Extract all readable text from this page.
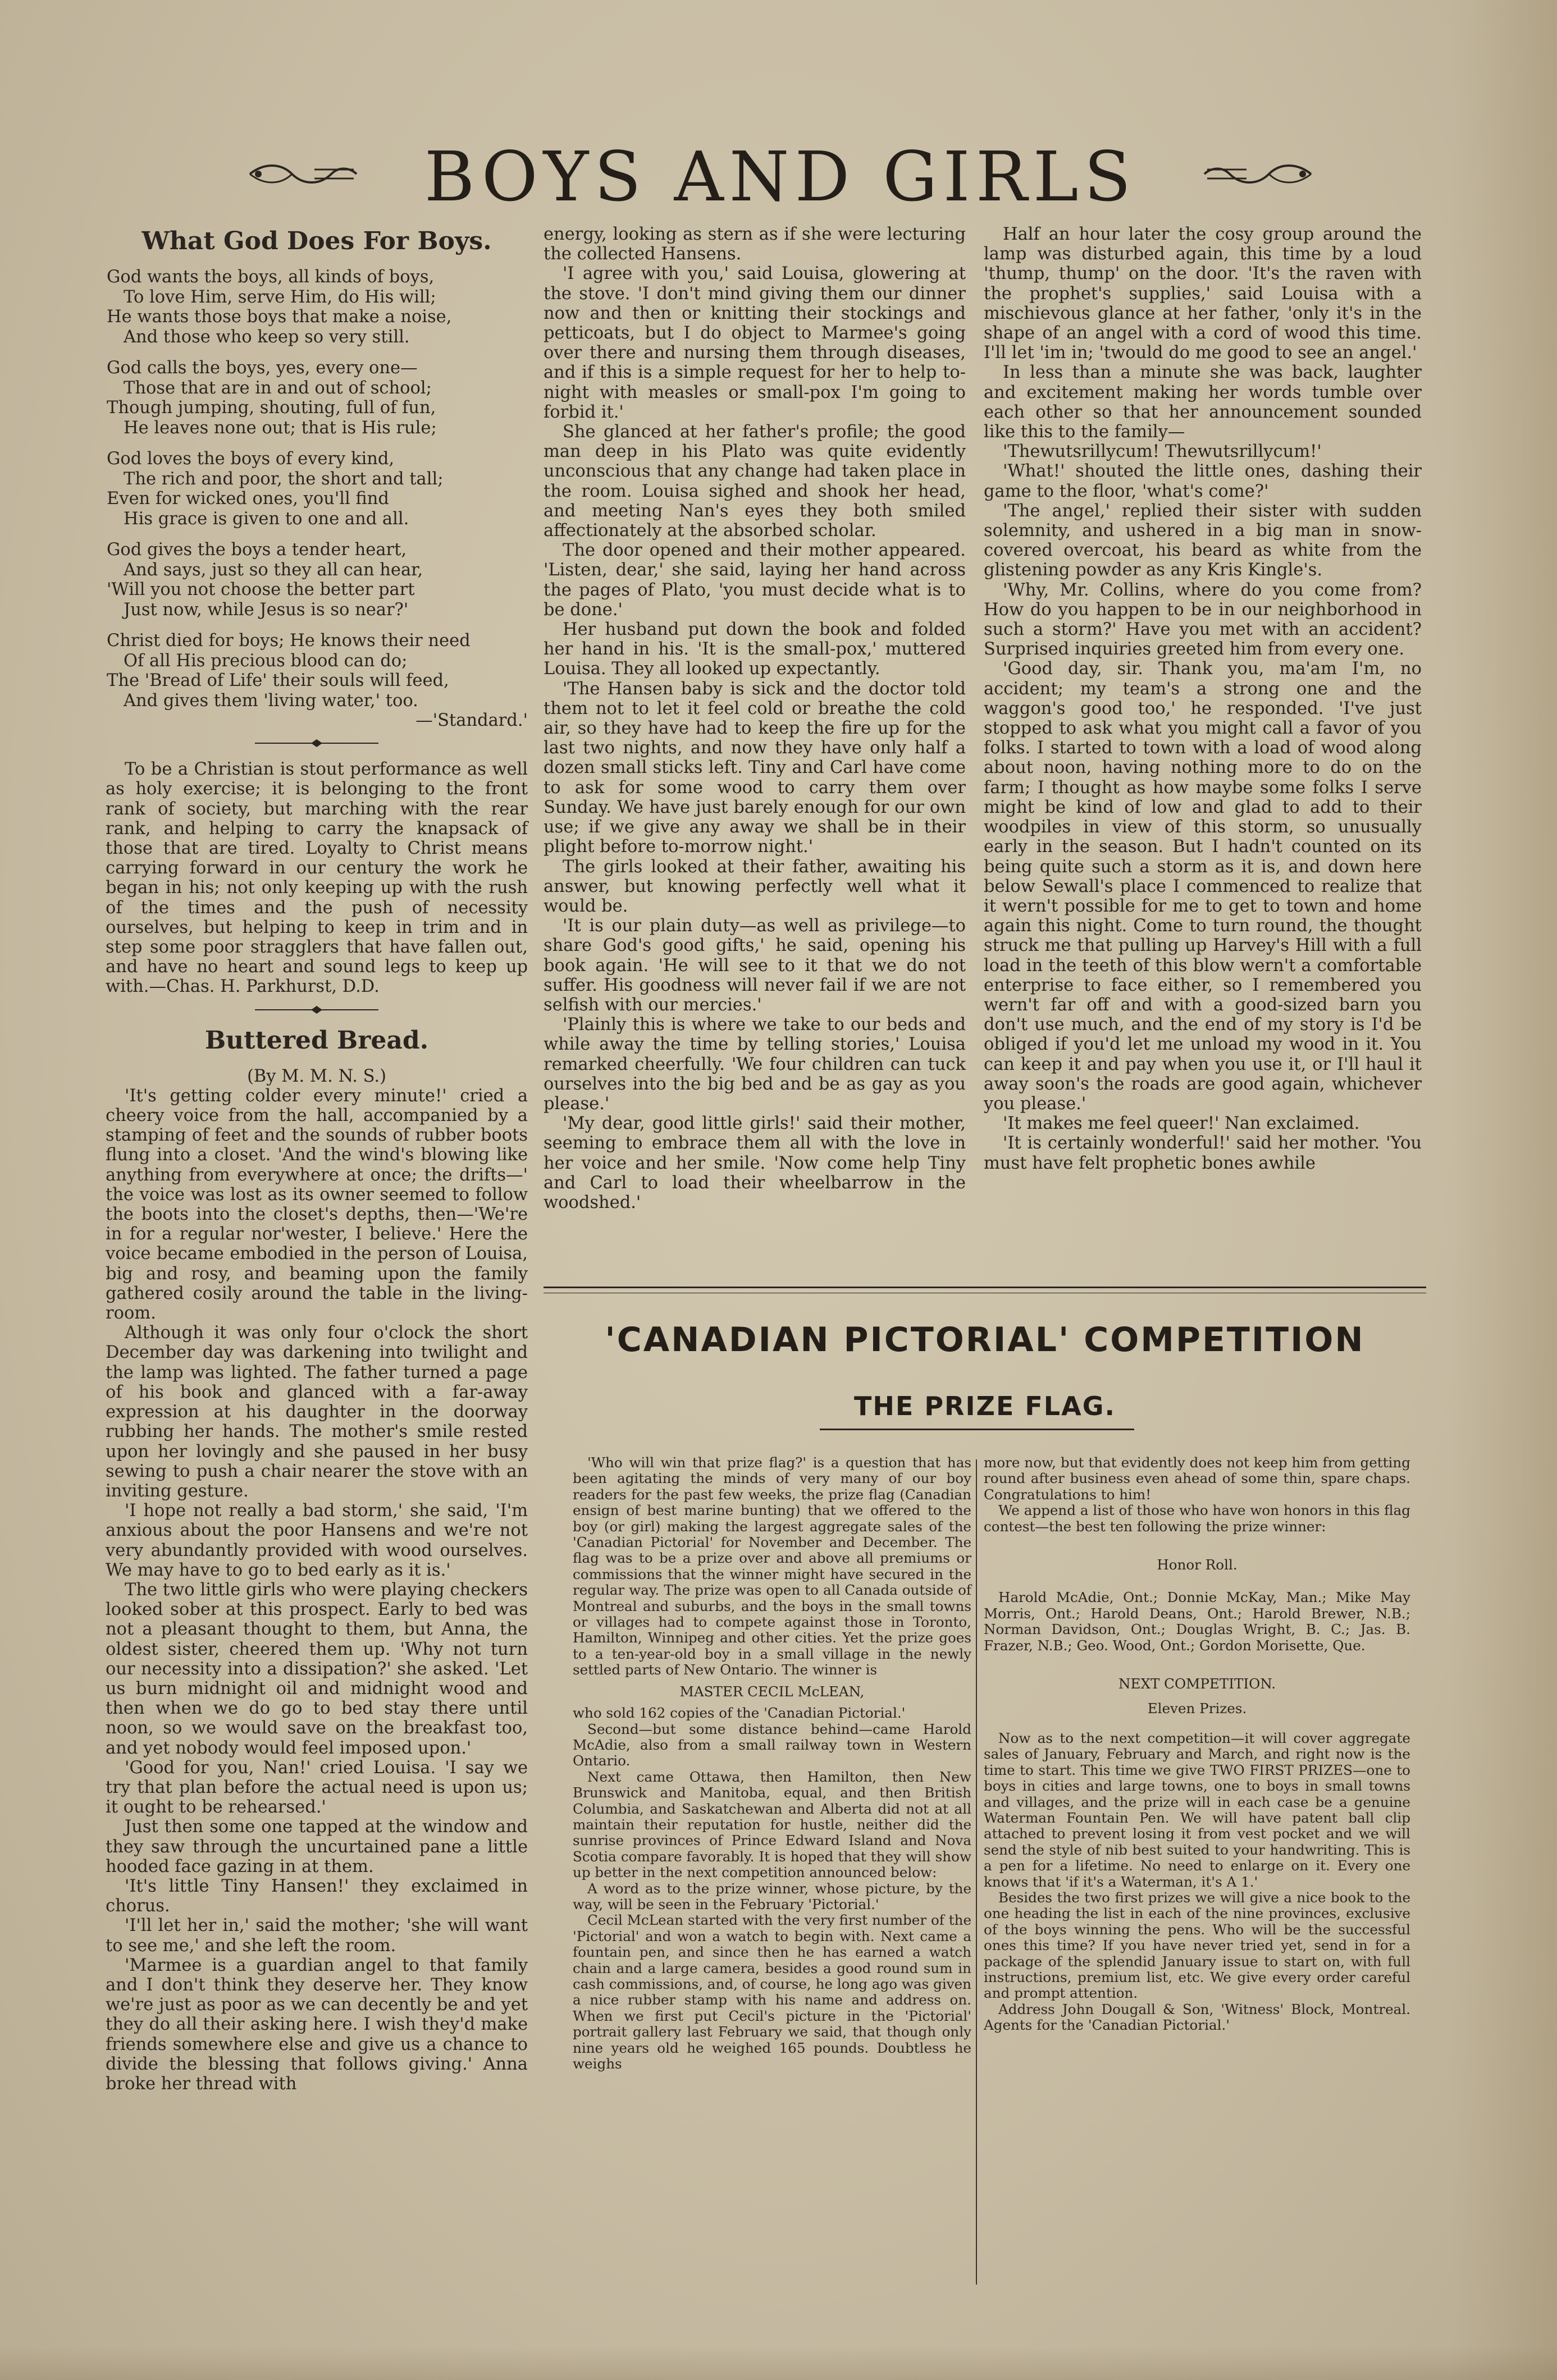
BOYS AND GIRLS
What God Does For Boys.
God wants the boys, all kinds of boys,
To love Him, serve Him, do His will;
He wants those boys that make a noise,
And those who keep so very still.
God calls the boys, yes, every one—
Those that are in and out of school;
Though jumping, shouting, full of fun,
He leaves none out; that is His rule;
God loves the boys of every kind,
The rich and poor, the short and tall;
Even for wicked ones, you'll find
His grace is given to one and all.
God gives the boys a tender heart,
And says, just so they all can hear,
'Will you not choose the better part
Just now, while Jesus is so near?'
Christ died for boys; He knows their need
Of all His precious blood can do;
The 'Bread of Life' their souls will feed,
And gives them 'living water,' too.

—'Standard.'

To be a Christian is stout performance as well as holy exercise; it is belonging to the front rank of society, but marching with the rear rank, and helping to carry the knapsack of those that are tired. Loyalty to Christ means carrying forward in our century the work he began in his; not only keeping up with the rush of the times and the push of necessity ourselves, but helping to keep in trim and in step some poor stragglers that have fallen out, and have no heart and sound legs to keep up with.—Chas. H. Parkhurst, D.D.

Buttered Bread.

(By M. M. N. S.)

'It's getting colder every minute!' cried a cheery voice from the hall, accompanied by a stamping of feet and the sounds of rubber boots flung into a closet. 'And the wind's blowing like anything from everywhere at once; the drifts—' the voice was lost as its owner seemed to follow the boots into the closet's depths, then—'We're in for a regular nor'wester, I believe.' Here the voice became embodied in the person of Louisa, big and rosy, and beaming upon the family gathered cosily around the table in the living-room.

Although it was only four o'clock the short December day was darkening into twilight and the lamp was lighted. The father turned a page of his book and glanced with a far-away expression at his daughter in the doorway rubbing her hands. The mother's smile rested upon her lovingly and she paused in her busy sewing to push a chair nearer the stove with an inviting gesture.

'I hope not really a bad storm,' she said, 'I'm anxious about the poor Hansens and we're not very abundantly provided with wood ourselves. We may have to go to bed early as it is.'

The two little girls who were playing checkers looked sober at this prospect. Early to bed was not a pleasant thought to them, but Anna, the oldest sister, cheered them up. 'Why not turn our necessity into a dissipation?' she asked. 'Let us burn midnight oil and midnight wood and then when we do go to bed stay there until noon, so we would save on the breakfast too, and yet nobody would feel imposed upon.'

'Good for you, Nan!' cried Louisa. 'I say we try that plan before the actual need is upon us; it ought to be rehearsed.'

Just then some one tapped at the window and they saw through the uncurtained pane a little hooded face gazing in at them.

'It's little Tiny Hansen!' they exclaimed in chorus.

'I'll let her in,' said the mother; 'she will want to see me,' and she left the room.

'Marmee is a guardian angel to that family and I don't think they deserve her. They know we're just as poor as we can decently be and yet they do all their asking here. I wish they'd make friends somewhere else and give us a chance to divide the blessing that follows giving.' Anna broke her thread with

energy, looking as stern as if she were lecturing the collected Hansens.

'I agree with you,' said Louisa, glowering at the stove. 'I don't mind giving them our dinner now and then or knitting their stockings and petticoats, but I do object to Marmee's going over there and nursing them through diseases, and if this is a simple request for her to help to-night with measles or small-pox I'm going to forbid it.'

She glanced at her father's profile; the good man deep in his Plato was quite evidently unconscious that any change had taken place in the room. Louisa sighed and shook her head, and meeting Nan's eyes they both smiled affectionately at the absorbed scholar.

The door opened and their mother appeared. 'Listen, dear,' she said, laying her hand across the pages of Plato, 'you must decide what is to be done.'

Her husband put down the book and folded her hand in his. 'It is the small-pox,' muttered Louisa. They all looked up expectantly.

'The Hansen baby is sick and the doctor told them not to let it feel cold or breathe the cold air, so they have had to keep the fire up for the last two nights, and now they have only half a dozen small sticks left. Tiny and Carl have come to ask for some wood to carry them over Sunday. We have just barely enough for our own use; if we give any away we shall be in their plight before to-morrow night.'

The girls looked at their father, awaiting his answer, but knowing perfectly well what it would be.

'It is our plain duty—as well as privilege—to share God's good gifts,' he said, opening his book again. 'He will see to it that we do not suffer. His goodness will never fail if we are not selfish with our mercies.'

'Plainly this is where we take to our beds and while away the time by telling stories,' Louisa remarked cheerfully. 'We four children can tuck ourselves into the big bed and be as gay as you please.'

'My dear, good little girls!' said their mother, seeming to embrace them all with the love in her voice and her smile. 'Now come help Tiny and Carl to load their wheelbarrow in the woodshed.'

Half an hour later the cosy group around the lamp was disturbed again, this time by a loud 'thump, thump' on the door. 'It's the raven with the prophet's supplies,' said Louisa with a mischievous glance at her father, 'only it's in the shape of an angel with a cord of wood this time. I'll let 'im in; 'twould do me good to see an angel.'

In less than a minute she was back, laughter and excitement making her words tumble over each other so that her announcement sounded like this to the family—

'Thewutsrillycum! Thewutsrillycum!'

'What!' shouted the little ones, dashing their game to the floor, 'what's come?'

'The angel,' replied their sister with sudden solemnity, and ushered in a big man in snow-covered overcoat, his beard as white from the glistening powder as any Kris Kingle's.

'Why, Mr. Collins, where do you come from? How do you happen to be in our neighborhood in such a storm?' Have you met with an accident? Surprised inquiries greeted him from every one.

'Good day, sir. Thank you, ma'am I'm, no accident; my team's a strong one and the waggon's good too,' he responded. 'I've just stopped to ask what you might call a favor of you folks. I started to town with a load of wood along about noon, having nothing more to do on the farm; I thought as how maybe some folks I serve might be kind of low and glad to add to their woodpiles in view of this storm, so unusually early in the season. But I hadn't counted on its being quite such a storm as it is, and down here below Sewall's place I commenced to realize that it wern't possible for me to get to town and home again this night. Come to turn round, the thought struck me that pulling up Harvey's Hill with a full load in the teeth of this blow wern't a comfortable enterprise to face either, so I remembered you wern't far off and with a good-sized barn you don't use much, and the end of my story is I'd be obliged if you'd let me unload my wood in it. You can keep it and pay when you use it, or I'll haul it away soon's the roads are good again, whichever you please.'

'It makes me feel queer!' Nan exclaimed.

'It is certainly wonderful!' said her mother. 'You must have felt prophetic bones awhile

'CANADIAN PICTORIAL' COMPETITION
THE PRIZE FLAG.

'Who will win that prize flag?' is a question that has been agitating the minds of very many of our boy readers for the past few weeks, the prize flag (Canadian ensign of best marine bunting) that we offered to the boy (or girl) making the largest aggregate sales of the 'Canadian Pictorial' for November and December. The flag was to be a prize over and above all premiums or commissions that the winner might have secured in the regular way. The prize was open to all Canada outside of Montreal and suburbs, and the boys in the small towns or villages had to compete against those in Toronto, Hamilton, Winnipeg and other cities. Yet the prize goes to a ten-year-old boy in a small village in the newly settled parts of New Ontario. The winner is

MASTER CECIL McLEAN,

who sold 162 copies of the 'Canadian Pictorial.'

Second—but some distance behind—came Harold McAdie, also from a small railway town in Western Ontario.

Next came Ottawa, then Hamilton, then New Brunswick and Manitoba, equal, and then British Columbia, and Saskatchewan and Alberta did not at all maintain their reputation for hustle, neither did the sunrise provinces of Prince Edward Island and Nova Scotia compare favorably. It is hoped that they will show up better in the next competition announced below:

A word as to the prize winner, whose picture, by the way, will be seen in the February 'Pictorial.'

Cecil McLean started with the very first number of the 'Pictorial' and won a watch to begin with. Next came a fountain pen, and since then he has earned a watch chain and a large camera, besides a good round sum in cash commissions, and, of course, he long ago was given a nice rubber stamp with his name and address on. When we first put Cecil's picture in the 'Pictorial' portrait gallery last February we said, that though only nine years old he weighed 165 pounds. Doubtless he weighs

more now, but that evidently does not keep him from getting round after business even ahead of some thin, spare chaps. Congratulations to him!

We append a list of those who have won honors in this flag contest—the best ten following the prize winner:

Honor Roll.

Harold McAdie, Ont.; Donnie McKay, Man.; Mike May Morris, Ont.; Harold Deans, Ont.; Harold Brewer, N.B.; Norman Davidson, Ont.; Douglas Wright, B. C.; Jas. B. Frazer, N.B.; Geo. Wood, Ont.; Gordon Morisette, Que.

NEXT COMPETITION.

Eleven Prizes.

Now as to the next competition—it will cover aggregate sales of January, February and March, and right now is the time to start. This time we give TWO FIRST PRIZES—one to boys in cities and large towns, one to boys in small towns and villages, and the prize will in each case be a genuine Waterman Fountain Pen. We will have patent ball clip attached to prevent losing it from vest pocket and we will send the style of nib best suited to your handwriting. This is a pen for a lifetime. No need to enlarge on it. Every one knows that 'if it's a Waterman, it's A 1.'

Besides the two first prizes we will give a nice book to the one heading the list in each of the nine provinces, exclusive of the boys winning the pens. Who will be the successful ones this time? If you have never tried yet, send in for a package of the splendid January issue to start on, with full instructions, premium list, etc. We give every order careful and prompt attention.

Address John Dougall & Son, 'Witness' Block, Montreal. Agents for the 'Canadian Pictorial.'
